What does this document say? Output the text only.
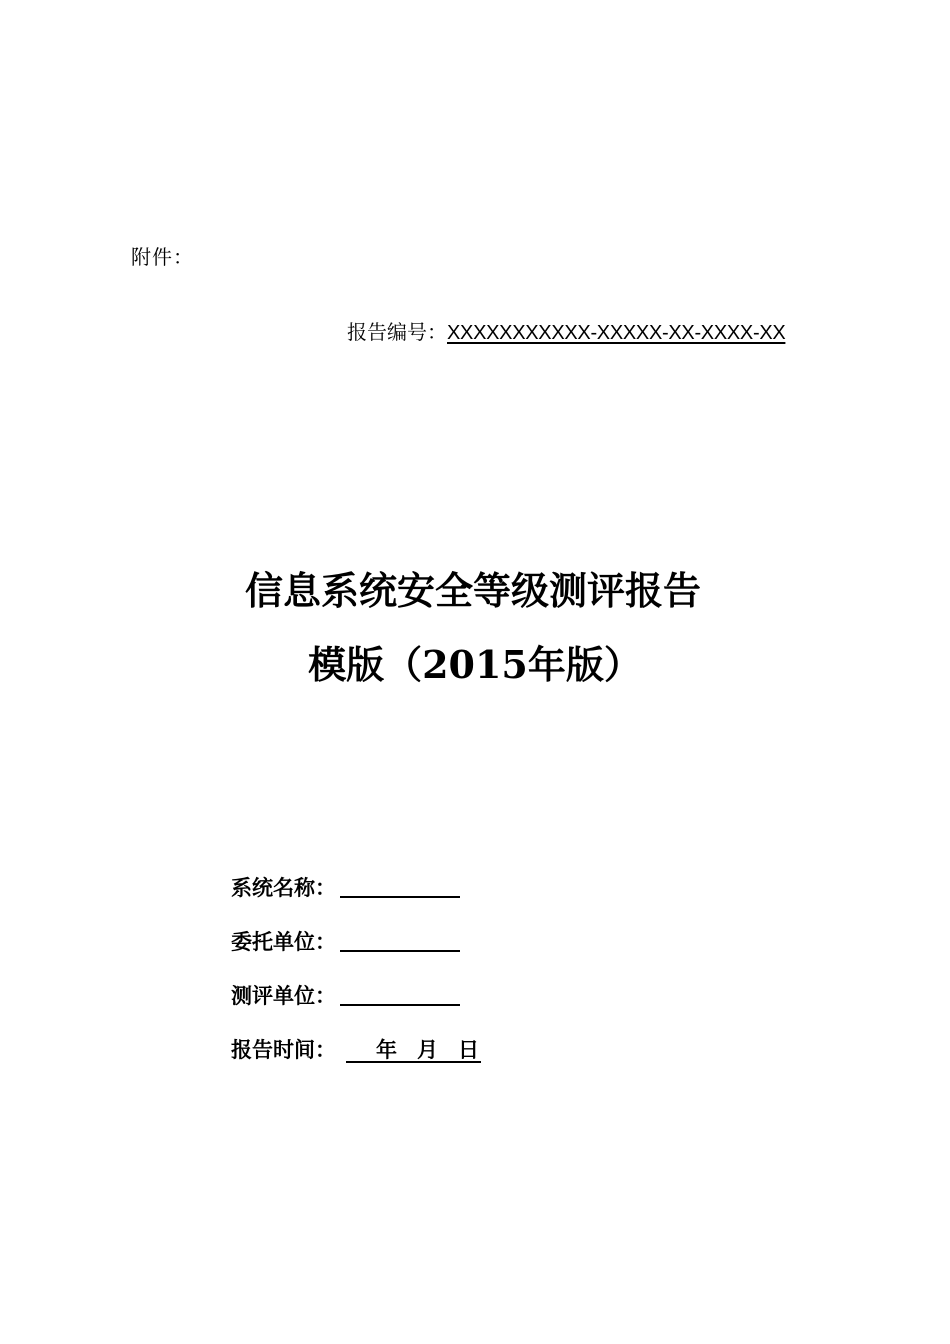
附件：
报告编号：XXXXXXXXXXX-XXXXX-XX-XXXX-XX
信息系统安全等级测评报告
模版（2015年版）
系统名称：
委托单位：
测评单位：
报告时间： 年 月 日
